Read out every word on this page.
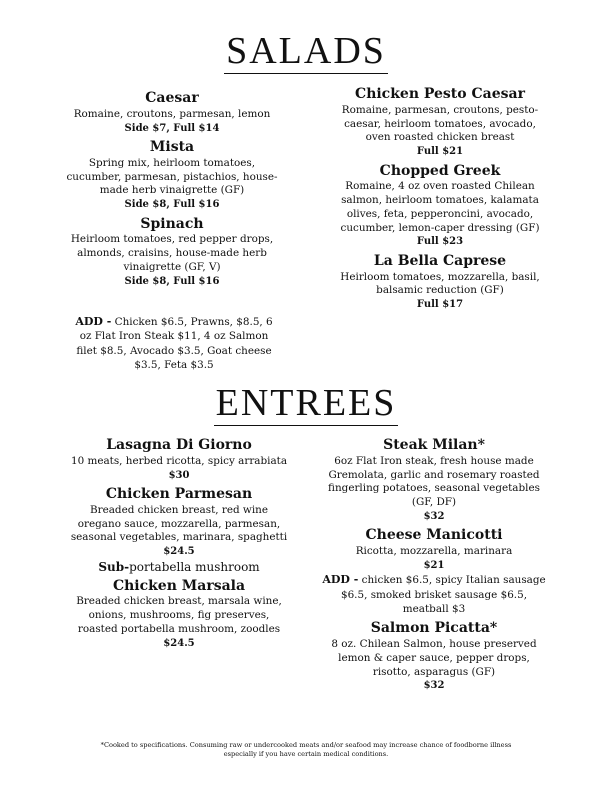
SALADS
Caesar
Romaine, croutons, parmesan, lemon
Side $7, Full $14
Mista
Spring mix, heirloom tomatoes, cucumber, parmesan, pistachios, house-made herb vinaigrette (GF)
Side $8, Full $16
Spinach
Heirloom tomatoes, red pepper drops, almonds, craisins, house-made herb vinaigrette (GF, V)
Side $8, Full $16

ADD - Chicken $6.5, Prawns, $8.5, 6 oz Flat Iron Steak $11, 4 oz Salmon filet $8.5, Avocado $3.5, Goat cheese $3.5, Feta $3.5

Chicken Pesto Caesar
Romaine, parmesan, croutons, pesto-caesar, heirloom tomatoes, avocado, oven roasted chicken breast
Full $21
Chopped Greek
Romaine, 4 oz oven roasted Chilean salmon, heirloom tomatoes, kalamata olives, feta, pepperoncini, avocado, cucumber, lemon-caper dressing (GF)
Full $23
La Bella Caprese
Heirloom tomatoes, mozzarella, basil, balsamic reduction (GF)
Full $17
ENTREES
Lasagna Di Giorno
10 meats, herbed ricotta, spicy arrabiata
$30
Chicken Parmesan
Breaded chicken breast, red wine oregano sauce, mozzarella, parmesan, seasonal vegetables, marinara, spaghetti
$24.5
Sub-portabella mushroom
Chicken Marsala
Breaded chicken breast, marsala wine, onions, mushrooms, fig preserves, roasted portabella mushroom, zoodles
$24.5
Steak Milan*
6oz Flat Iron steak, fresh house made Gremolata, garlic and rosemary roasted fingerling potatoes, seasonal vegetables (GF, DF)
$32
Cheese Manicotti
Ricotta, mozzarella, marinara
$21

ADD - chicken $6.5, spicy Italian sausage $6.5, smoked brisket sausage $6.5, meatball $3

Salmon Picatta*
8 oz. Chilean Salmon, house preserved lemon & caper sauce, pepper drops, risotto, asparagus (GF)
$32
*Cooked to specifications. Consuming raw or undercooked meats and/or seafood may increase chance of foodborne illness
especially if you have certain medical conditions.
